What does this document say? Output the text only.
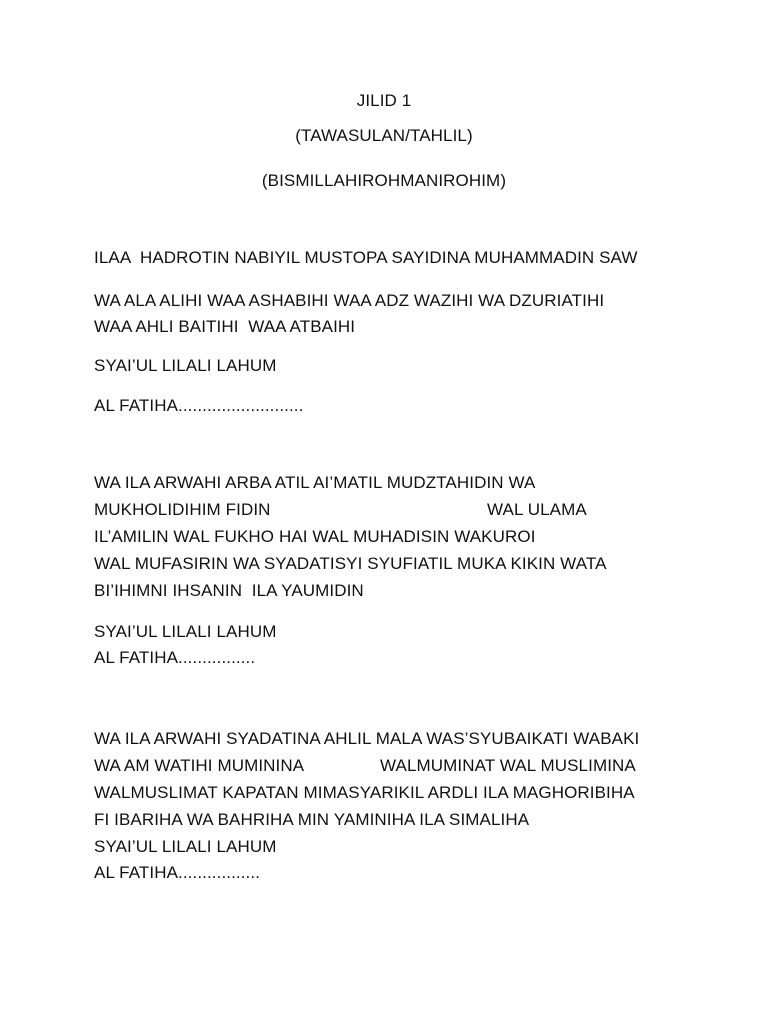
JILID 1
(TAWASULAN/TAHLIL)
(BISMILLAHIROHMANIROHIM)
ILAA  HADROTIN NABIYIL MUSTOPA SAYIDINA MUHAMMADIN SAW
WA ALA ALIHI WAA ASHABIHI WAA ADZ WAZIHI WA DZURIATIHI
WAA AHLI BAITIHI  WAA ATBAIHI
SYAI’UL LILALI LAHUM
AL FATIHA..........................
WA ILA ARWAHI ARBA ATIL AI’MATIL MUDZTAHIDIN WA
MUKHOLIDIHIM FIDIN	WAL ULAMA
IL’AMILIN WAL FUKHO HAI WAL MUHADISIN WAKUROI
WAL MUFASIRIN WA SYADATISYI SYUFIATIL MUKA KIKIN WATA
BI’IHIMNI IHSANIN  ILA YAUMIDIN
SYAI’UL LILALI LAHUM
AL FATIHA................
WA ILA ARWAHI SYADATINA AHLIL MALA WAS’SYUBAIKATI WABAKI
WA AM WATIHI MUMININA	WALMUMINAT WAL MUSLIMINA
WALMUSLIMAT KAPATAN MIMASYARIKIL ARDLI ILA MAGHORIBIHA
FI IBARIHA WA BAHRIHA MIN YAMINIHA ILA SIMALIHA
SYAI’UL LILALI LAHUM
AL FATIHA.................
